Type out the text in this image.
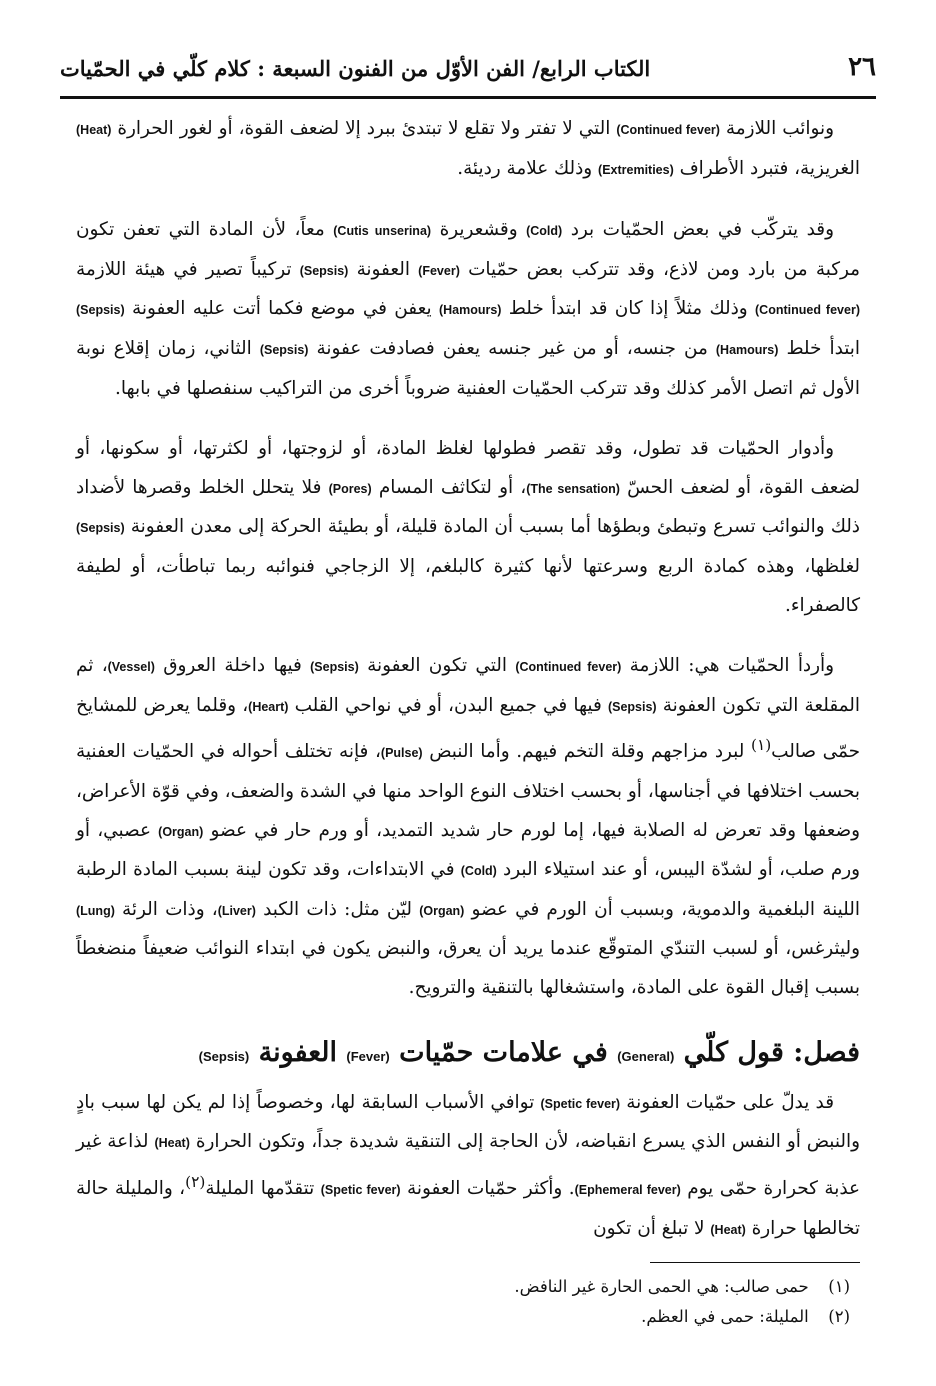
٢٦
الكتاب الرابع/ الفن الأوّل من الفنون السبعة : كلام كلّي في الحمّيات

ونوائب اللازمة (Continued fever) التي لا تفتر ولا تقلع لا تبتدئ ببرد إلا لضعف القوة، أو لغور الحرارة (Heat) الغريزية، فتبرد الأطراف (Extremities) وذلك علامة رديئة.

وقد يتركّب في بعض الحمّيات برد (Cold) وقشعريرة (Cutis unserina) معاً، لأن المادة التي تعفن تكون مركبة من بارد ومن لاذع، وقد تتركب بعض حمّيات (Fever) العفونة (Sepsis) تركيباً تصير في هيئة اللازمة (Continued fever) وذلك مثلاً إذا كان قد ابتدأ خلط (Hamours) يعفن في موضع فكما أتت عليه العفونة (Sepsis) ابتدأ خلط (Hamours) من جنسه، أو من غير جنسه يعفن فصادفت عفونة (Sepsis) الثاني، زمان إقلاع نوبة الأول ثم اتصل الأمر كذلك وقد تتركب الحمّيات العفنية ضروباً أخرى من التراكيب سنفصلها في بابها.

وأدوار الحمّيات قد تطول، وقد تقصر فطولها لغلظ المادة، أو لزوجتها، أو لكثرتها، أو سكونها، أو لضعف القوة، أو لضعف الحسّ (The sensation)، أو لتكاثف المسام (Pores) فلا يتحلل الخلط وقصرها لأضداد ذلك والنوائب تسرع وتبطئ وبطؤها أما بسبب أن المادة قليلة، أو بطيئة الحركة إلى معدن العفونة (Sepsis) لغلظها، وهذه كمادة الربع وسرعتها لأنها كثيرة كالبلغم، إلا الزجاجي فنوائبه ربما تباطأت، أو لطيفة كالصفراء.

وأردأ الحمّيات هي: اللازمة (Continued fever) التي تكون العفونة (Sepsis) فيها داخلة العروق (Vessel)، ثم المقلعة التي تكون العفونة (Sepsis) فيها في جميع البدن، أو في نواحي القلب (Heart)، وقلما يعرض للمشايخ حمّى صالب$^{(١)}$ لبرد مزاجهم وقلة التخم فيهم. وأما النبض (Pulse)، فإنه تختلف أحواله في الحمّيات العفنية بحسب اختلافها في أجناسها، أو بحسب اختلاف النوع الواحد منها في الشدة والضعف، وفي قوّة الأعراض، وضعفها وقد تعرض له الصلابة فيها، إما لورم حار شديد التمديد، أو ورم حار في عضو (Organ) عصبي، أو ورم صلب، أو لشدّة اليبس، أو عند استيلاء البرد (Cold) في الابتداءات، وقد تكون لينة بسبب المادة الرطبة اللينة البلغمية والدموية، وبسبب أن الورم في عضو (Organ) ليّن مثل: ذات الكبد (Liver)، وذات الرئة (Lung) وليثرغس، أو لسبب التندّي المتوقّع عندما يريد أن يعرق، والنبض يكون في ابتداء النوائب ضعيفاً منضغطاً بسبب إقبال القوة على المادة، واستشغالها بالتنقية والترويح.

فصل: قول كلّي (General) في علامات حمّيات (Fever) العفونة (Sepsis)

قد يدلّ على حمّيات العفونة (Spetic fever) توافي الأسباب السابقة لها، وخصوصاً إذا لم يكن لها سبب بادٍ والنبض أو النفس الذي يسرع انقباضه، لأن الحاجة إلى التنقية شديدة جداً، وتكون الحرارة (Heat) لذاعة غير عذبة كحرارة حمّى يوم (Ephemeral fever). وأكثر حمّيات العفونة (Spetic fever) تتقدّمها المليلة$^{(٢)}$، والمليلة حالة تخالطها حرارة (Heat) لا تبلغ أن تكون

(١) حمى صالب: هي الحمى الحارة غير النافض.
(٢) المليلة: حمى في العظم.
